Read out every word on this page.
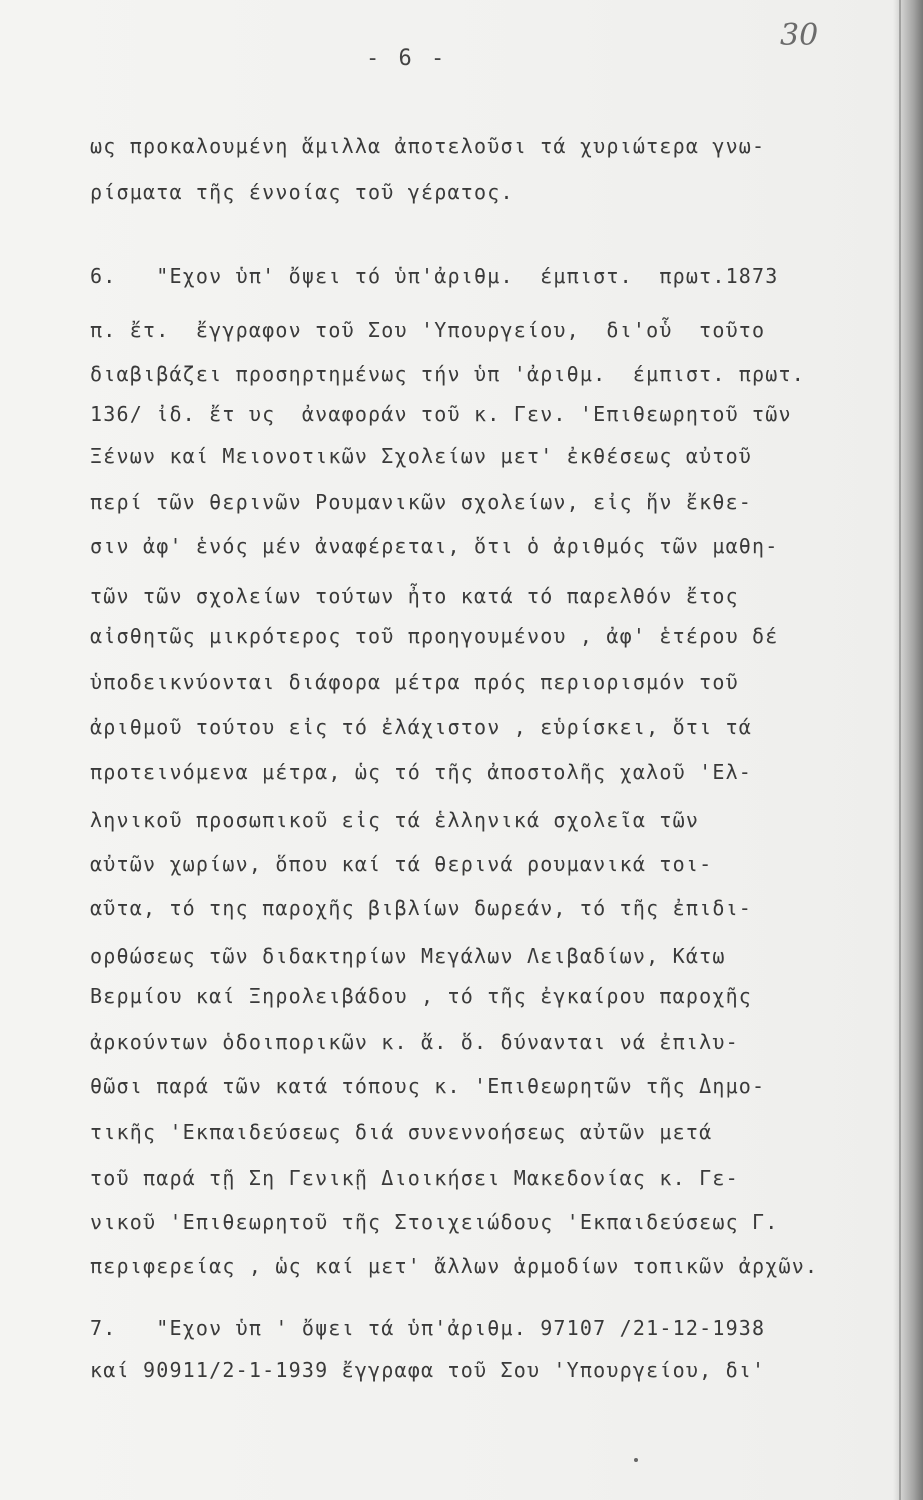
30
- 6 -
ως προκαλουμένη ἅμιλλα ἀποτελοῦσι τά χυριώτερα γνω-
ρίσματα τῆς έννοίας τοῦ γέρατος.
6.   "Εχον ὑπ' ὄψει τό ὑπ'ἀριθμ.  έμπιστ.  πρωτ.1873
π. ἔτ.  ἔγγραφον τοῦ Σου 'Υπουργείου,  δι'οὗ  τοῦτο
διαβιβάζει προσηρτημένως τήν ὑπ 'ἀριθμ.  έμπιστ. πρωτ.
136/ ἰδ. ἔτ υς  ἀναφοράν τοῦ κ. Γεν. 'Επιθεωρητοῦ τῶν
Ξένων καί Μειονοτικῶν Σχολείων μετ' ἐκθέσεως αὐτοῦ
περί τῶν θερινῶν Ρουμανικῶν σχολείων, εἰς ἥν ἔκθε-
σιν ἀφ' ἑνός μέν ἀναφέρεται, ὅτι ὁ ἀριθμός τῶν μαθη-
τῶν τῶν σχολείων τούτων ἦτο κατά τό παρελθόν ἔτος
αἰσθητῶς μικρότερος τοῦ προηγουμένου , ἀφ' ἑτέρου δέ
ὑποδεικνύονται διάφορα μέτρα πρός περιορισμόν τοῦ
ἀριθμοῦ τούτου εἰς τό ἐλάχιστον , εὑρίσκει, ὅτι τά
προτεινόμενα μέτρα, ὡς τό τῆς ἀποστολῆς χαλοῦ 'Ελ-
ληνικοῦ προσωπικοῦ εἰς τά ἑλληνικά σχολεῖα τῶν
αὐτῶν χωρίων, ὅπου καί τά θερινά ρουμανικά τοι-
αῦτα, τό της παροχῆς βιβλίων δωρεάν, τό τῆς ἐπιδι-
ορθώσεως τῶν διδακτηρίων Μεγάλων Λειβαδίων, Κάτω
Βερμίου καί Ξηρολειβάδου , τό τῆς ἐγκαίρου παροχῆς
ἀρκούντων ὁδοιπορικῶν κ. ἄ. ὅ. δύνανται νά ἐπιλυ-
θῶσι παρά τῶν κατά τόπους κ. 'Επιθεωρητῶν τῆς Δημο-
τικῆς 'Εκπαιδεύσεως διά συνεννοήσεως αὐτῶν μετά
τοῦ παρά τῇ Ση Γενικῇ Διοικήσει Μακεδονίας κ. Γε-
νικοῦ 'Επιθεωρητοῦ τῆς Στοιχειώδους 'Εκπαιδεύσεως Γ.
περιφερείας , ὡς καί μετ' ἄλλων ἁρμοδίων τοπικῶν ἀρχῶν.
7.   "Εχον ὑπ ' ὄψει τά ὑπ'ἀριθμ. 97107 /21-12-1938
καί 90911/2-1-1939 ἔγγραφα τοῦ Σου 'Υπουργείου, δι'
